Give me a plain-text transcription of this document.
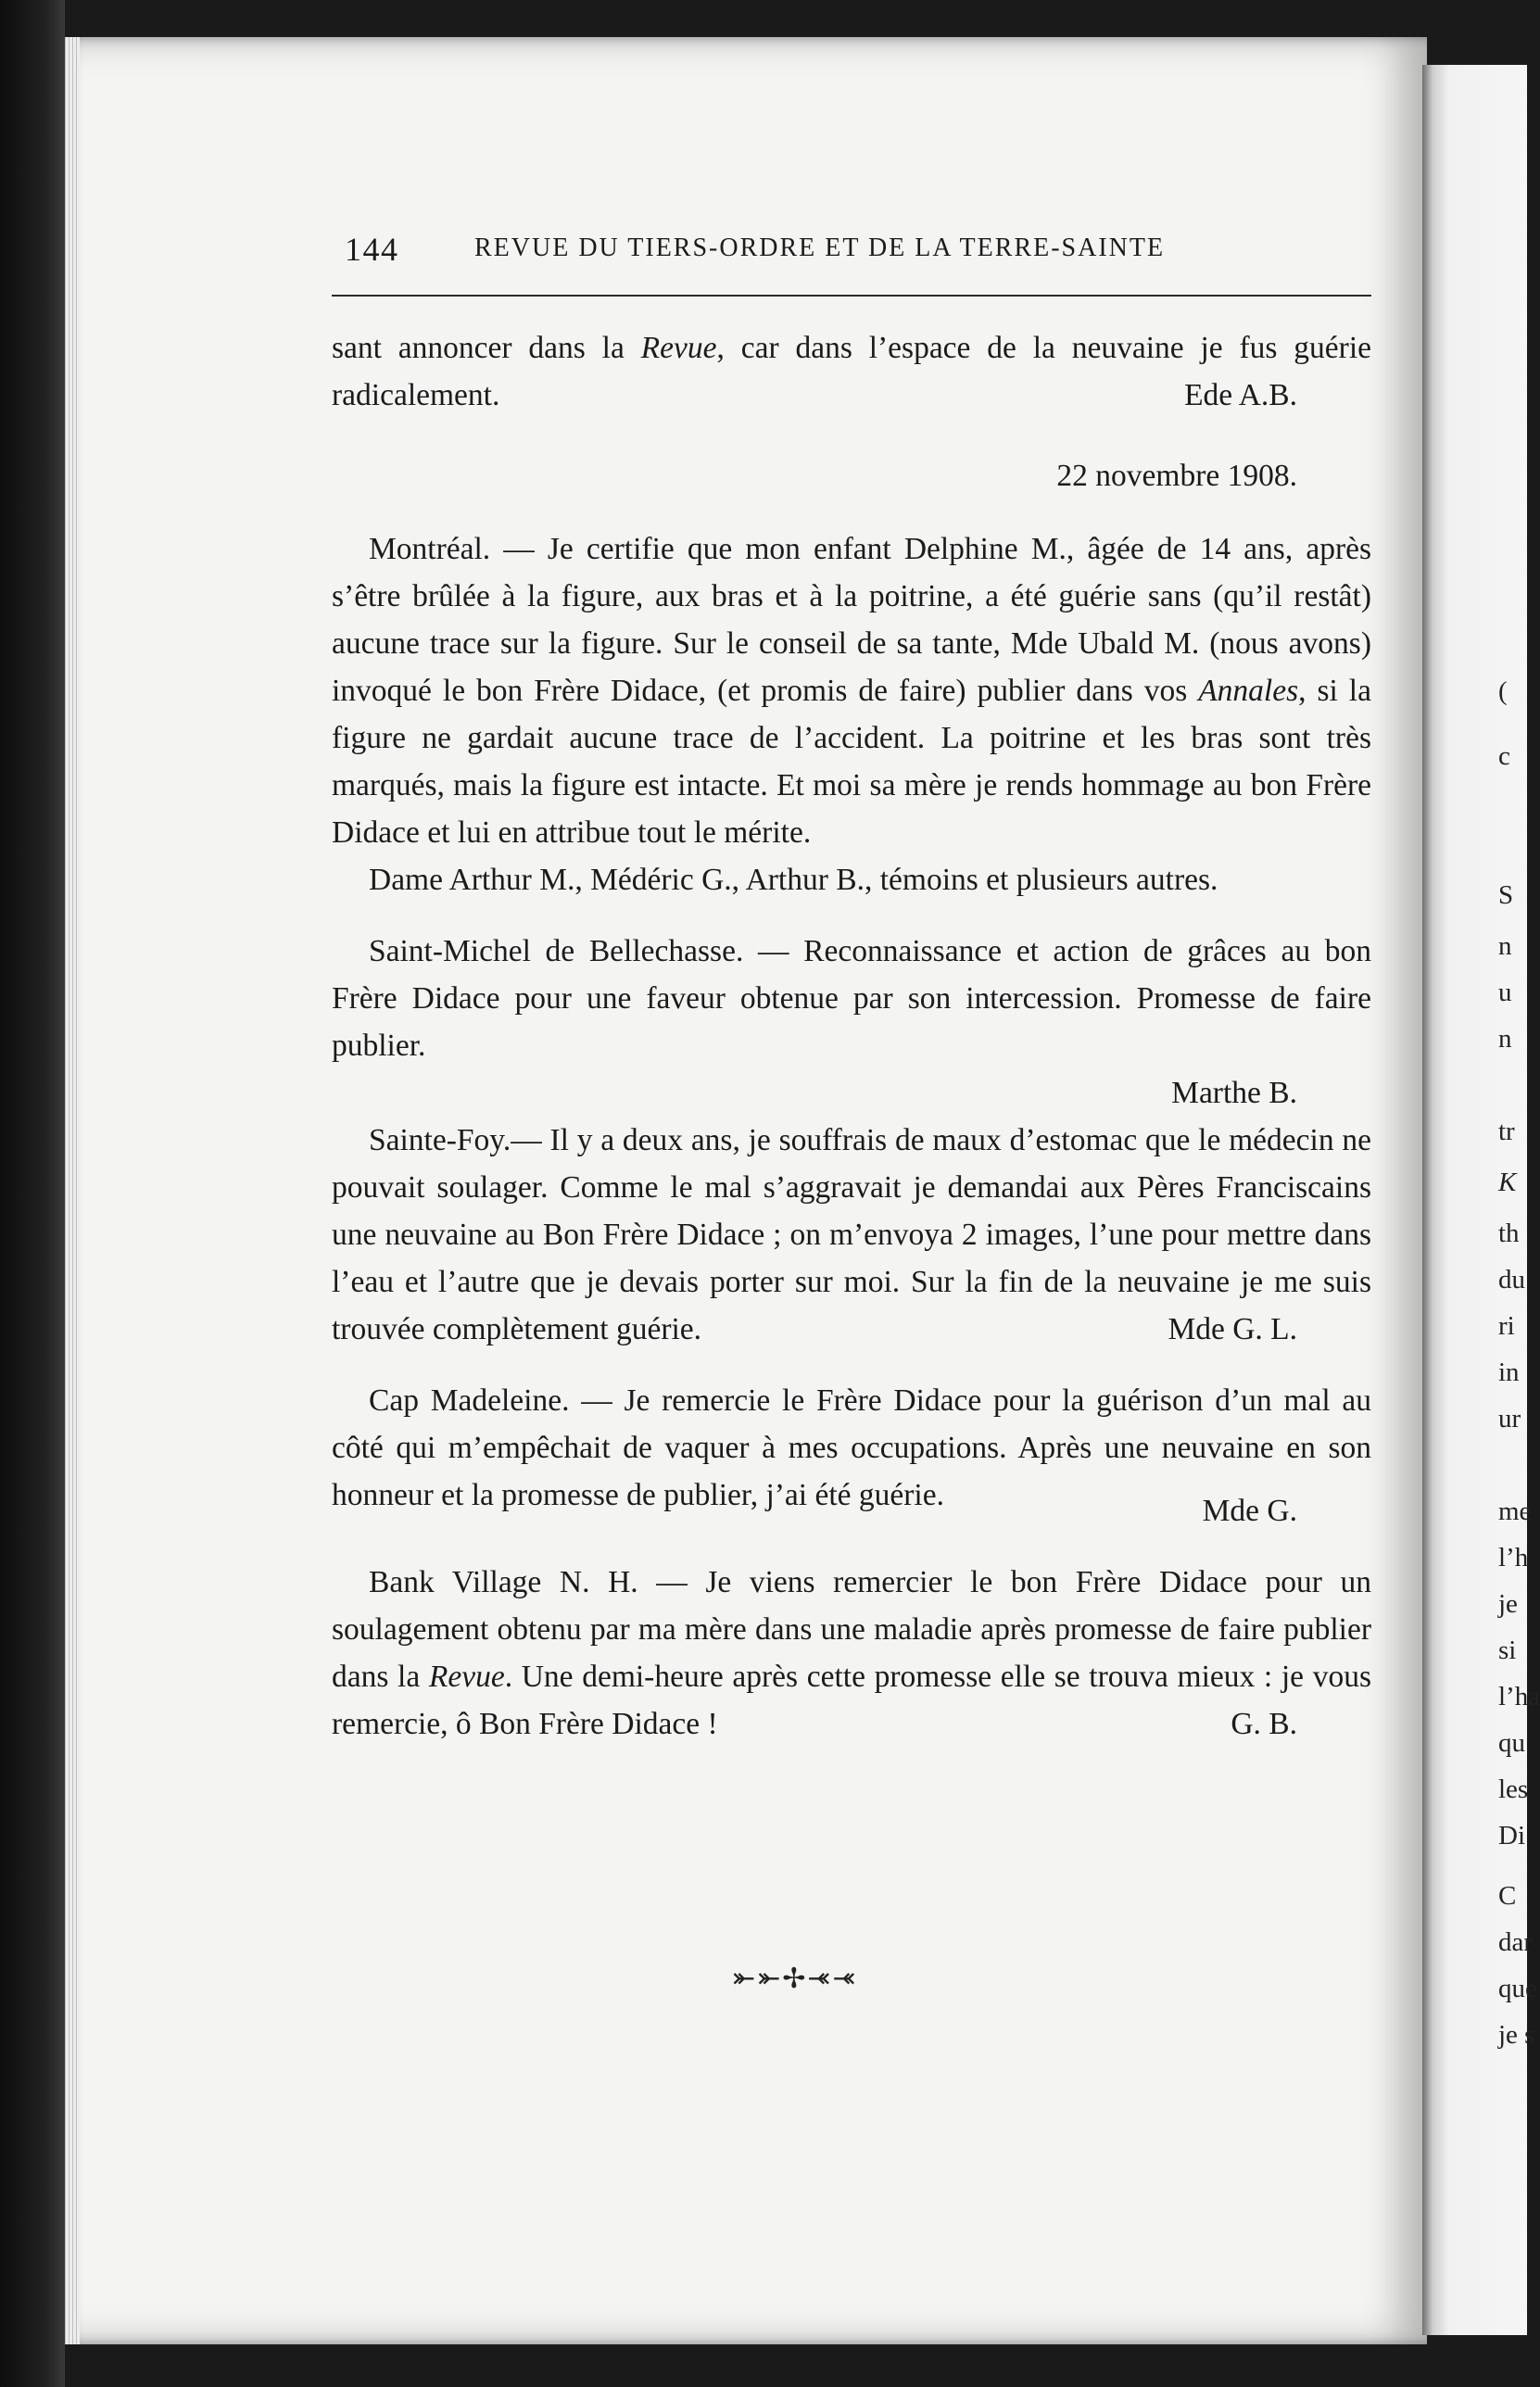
(
c
S
n
u
n
tr
K
th
du
ri
in
ur
me
l’h
je
si
l’ha
qu
les
Di
C
dar
que
je s
144	REVUE DU TIERS-ORDRE ET DE LA TERRE-SAINTE

sant annoncer dans la Revue, car dans l’espace de la neuvaine je fus guérie radicalement.	Ede A.B.

22 novembre 1908.

Montréal. — Je certifie que mon enfant Delphine M., âgée de 14 ans, après s’être brûlée à la figure, aux bras et à la poitrine, a été guérie sans (qu’il restât) aucune trace sur la figure. Sur le conseil de sa tante, Mde Ubald M. (nous avons) invoqué le bon Frère Didace, (et promis de faire) publier dans vos Annales, si la figure ne gardait aucune trace de l’accident. La poitrine et les bras sont très marqués, mais la figure est intacte. Et moi sa mère je rends hommage au bon Frère Didace et lui en attribue tout le mérite.

Dame Arthur M., Médéric G., Arthur B., témoins et plusieurs autres.

Saint-Michel de Bellechasse. — Reconnaissance et action de grâces au bon Frère Didace pour une faveur obtenue par son intercession. Promesse de faire publier.

Marthe B.

Sainte-Foy.— Il y a deux ans, je souffrais de maux d’estomac que le médecin ne pouvait soulager. Comme le mal s’aggravait je demandai aux Pères Franciscains une neuvaine au Bon Frère Didace ; on m’envoya 2 images, l’une pour mettre dans l’eau et l’autre que je devais porter sur moi. Sur la fin de la neuvaine je me suis trouvée complètement guérie.	Mde G. L.

Cap Madeleine. — Je remercie le Frère Didace pour la guérison d’un mal au côté qui m’empêchait de vaquer à mes occupations. Après une neuvaine en son honneur et la promesse de publier, j’ai été guérie.	Mde G.

Bank Village N. H. — Je viens remercier le bon Frère Didace pour un soulagement obtenu par ma mère dans une maladie après promesse de faire publier dans la Revue. Une demi-heure après cette promesse elle se trouva mieux : je vous remercie, ô Bon Frère Didace !	G. B.

⤜⤜✢⤛⤛
